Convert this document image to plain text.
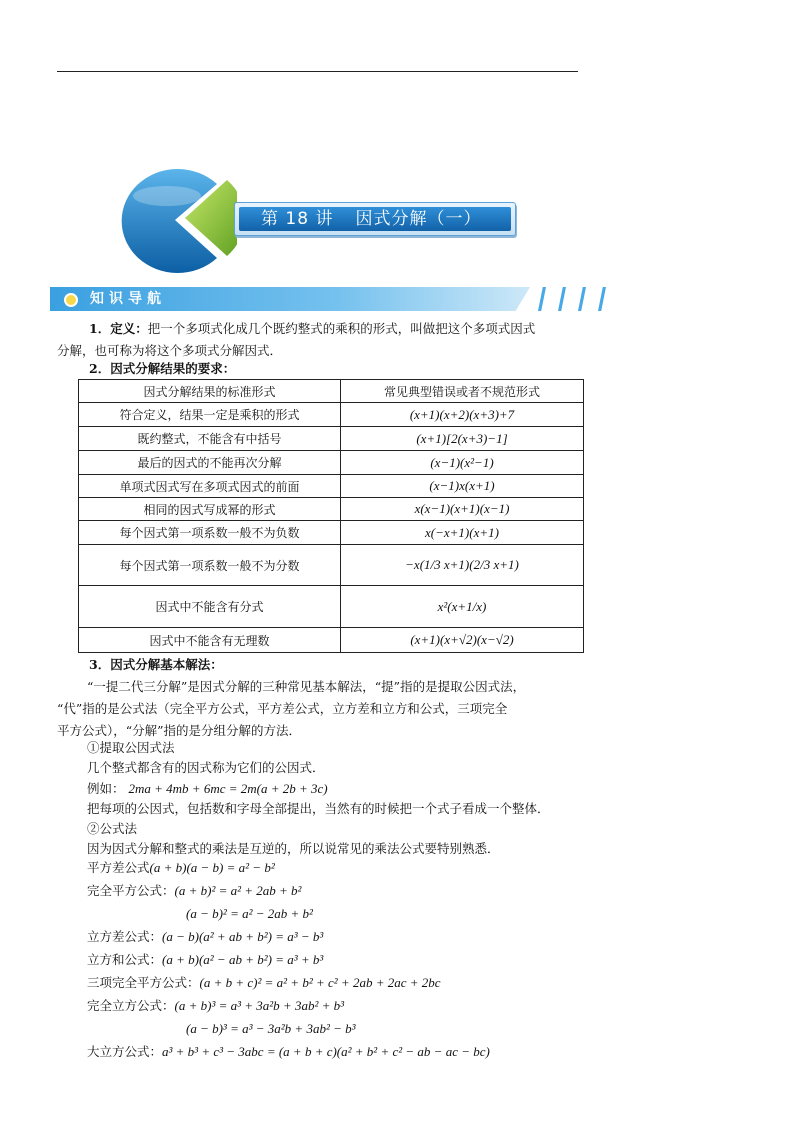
第 18 讲 因式分解（一）
知识导航
1．定义：把一个多项式化成几个既约整式的乘积的形式，叫做把这个多项式因式
分解，也可称为将这个多项式分解因式．
2．因式分解结果的要求：
因式分解结果的标准形式	常见典型错误或者不规范形式
符合定义，结果一定是乘积的形式	(x+1)(x+2)(x+3)+7
既约整式，不能含有中括号	(x+1)[2(x+3)−1]
最后的因式的不能再次分解	(x−1)(x²−1)
单项式因式写在多项式因式的前面	(x−1)x(x+1)
相同的因式写成幂的形式	x(x−1)(x+1)(x−1)
每个因式第一项系数一般不为负数	x(−x+1)(x+1)
每个因式第一项系数一般不为分数	−x(1/3 x+1)(2/3 x+1)
因式中不能含有分式	x²(x+1/x)
因式中不能含有无理数	(x+1)(x+√2)(x−√2)
3．因式分解基本解法：
“一提二代三分解”是因式分解的三种常见基本解法，“提”指的是提取公因式法，
“代”指的是公式法（完全平方公式，平方差公式，立方差和立方和公式，三项完全
平方公式），“分解”指的是分组分解的方法．
①提取公因式法
几个整式都含有的因式称为它们的公因式．
例如： 2ma + 4mb + 6mc = 2m(a + 2b + 3c)
把每项的公因式，包括数和字母全部提出，当然有的时候把一个式子看成一个整体．
②公式法
因为因式分解和整式的乘法是互逆的，所以说常见的乘法公式要特别熟悉．
平方差公式(a + b)(a − b) = a² − b²
完全平方公式：(a + b)² = a² + 2ab + b²
(a − b)² = a² − 2ab + b²
立方差公式：(a − b)(a² + ab + b²) = a³ − b³
立方和公式：(a + b)(a² − ab + b²) = a³ + b³
三项完全平方公式：(a + b + c)² = a² + b² + c² + 2ab + 2ac + 2bc
完全立方公式：(a + b)³ = a³ + 3a²b + 3ab² + b³
(a − b)³ = a³ − 3a²b + 3ab² − b³
大立方公式：a³ + b³ + c³ − 3abc = (a + b + c)(a² + b² + c² − ab − ac − bc)
